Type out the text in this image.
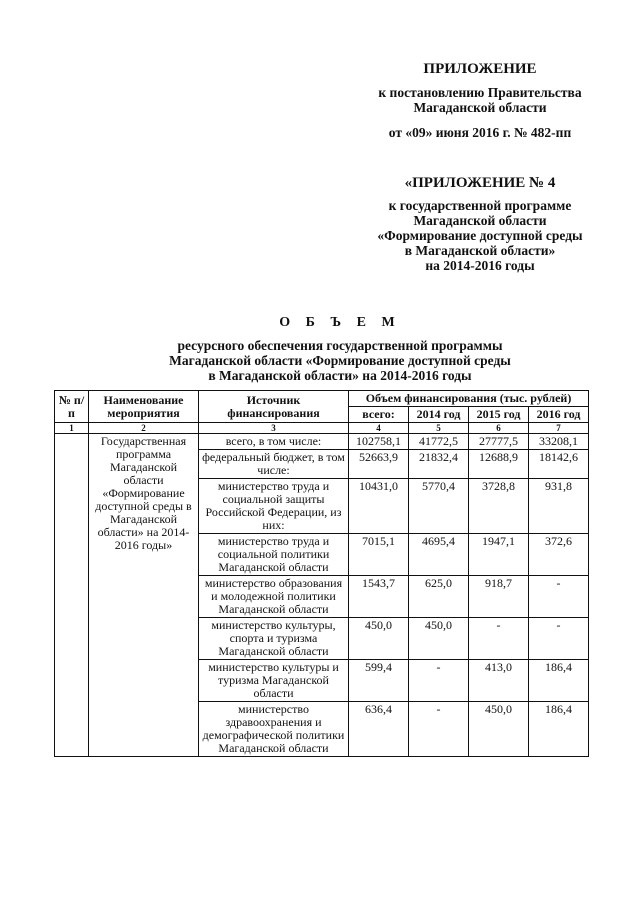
ПРИЛОЖЕНИЕ
к постановлению Правительства
Магаданской области
от «09» июня 2016 г. № 482-пп
«ПРИЛОЖЕНИЕ № 4
к государственной программе
Магаданской области
«Формирование доступной среды
в Магаданской области»
на 2014-2016 годы
О Б Ъ Е М
ресурсного обеспечения государственной программы
Магаданской области «Формирование доступной среды
в Магаданской области» на 2014-2016 годы
№ п/п	Наименование мероприятия	Источник финансирования	Объем финансирования (тыс. рублей)			
			всего:	2014 год	2015 год	2016 год
1	2	3	4	5	6	7
	Государственная программа Магаданской области «Формирование доступной среды в Магаданской области» на 2014-2016 годы»	всего, в том числе:	102758,1	41772,5	27777,5	33208,1
		федеральный бюджет, в том числе:	52663,9	21832,4	12688,9	18142,6
		министерство труда и социальной защиты Российской Федерации, из них:	10431,0	5770,4	3728,8	931,8
		министерство труда и социальной политики Магаданской области	7015,1	4695,4	1947,1	372,6
		министерство образования и молодежной политики Магаданской области	1543,7	625,0	918,7	-
		министерство культуры, спорта и туризма Магаданской области	450,0	450,0	-	-
		министерство культуры и туризма Магаданской области	599,4	-	413,0	186,4
		министерство здравоохранения и демографической политики Магаданской области	636,4	-	450,0	186,4
